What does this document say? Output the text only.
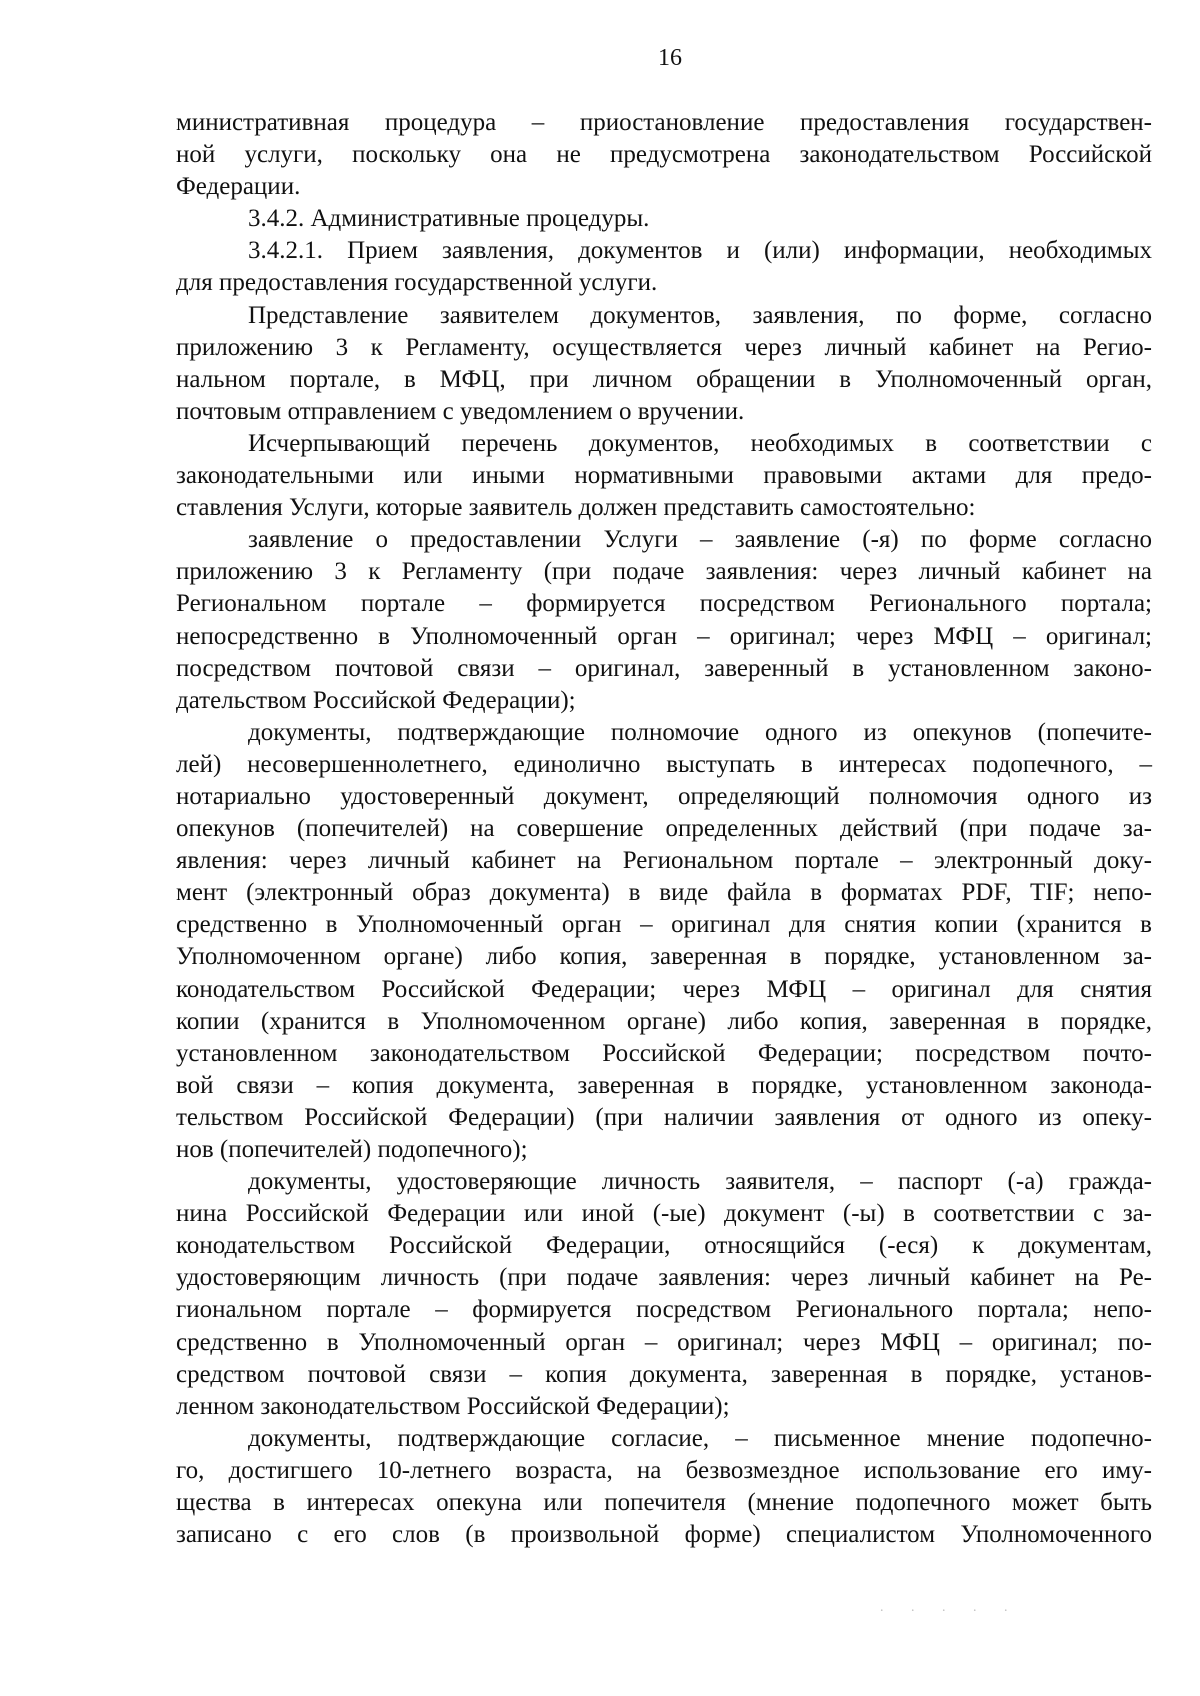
16
министративная процедура – приостановление предоставления государствен-
ной услуги, поскольку она не предусмотрена законодательством Российской
Федерации.
3.4.2. Административные процедуры.
3.4.2.1. Прием заявления, документов и (или) информации, необходимых
для предоставления государственной услуги.
Представление заявителем документов, заявления, по форме, согласно
приложению 3 к Регламенту, осуществляется через личный кабинет на Регио-
нальном портале, в МФЦ, при личном обращении в Уполномоченный орган,
почтовым отправлением с уведомлением о вручении.
Исчерпывающий перечень документов, необходимых в соответствии с
законодательными или иными нормативными правовыми актами для предо-
ставления Услуги, которые заявитель должен представить самостоятельно:
заявление о предоставлении Услуги – заявление (-я) по форме согласно
приложению 3 к Регламенту (при подаче заявления: через личный кабинет на
Региональном портале – формируется посредством Регионального портала;
непосредственно в Уполномоченный орган – оригинал; через МФЦ – оригинал;
посредством почтовой связи – оригинал, заверенный в установленном законо-
дательством Российской Федерации);
документы, подтверждающие полномочие одного из опекунов (попечите-
лей) несовершеннолетнего, единолично выступать в интересах подопечного, –
нотариально удостоверенный документ, определяющий полномочия одного из
опекунов (попечителей) на совершение определенных действий (при подаче за-
явления: через личный кабинет на Региональном портале – электронный доку-
мент (электронный образ документа) в виде файла в форматах PDF, TIF; непо-
средственно в Уполномоченный орган – оригинал для снятия копии (хранится в
Уполномоченном органе) либо копия, заверенная в порядке, установленном за-
конодательством Российской Федерации; через МФЦ – оригинал для снятия
копии (хранится в Уполномоченном органе) либо копия, заверенная в порядке,
установленном законодательством Российской Федерации; посредством почто-
вой связи – копия документа, заверенная в порядке, установленном законода-
тельством Российской Федерации) (при наличии заявления от одного из опеку-
нов (попечителей) подопечного);
документы, удостоверяющие личность заявителя, – паспорт (-а) гражда-
нина Российской Федерации или иной (-ые) документ (-ы) в соответствии с за-
конодательством Российской Федерации, относящийся (-еся) к документам,
удостоверяющим личность (при подаче заявления: через личный кабинет на Ре-
гиональном портале – формируется посредством Регионального портала; непо-
средственно в Уполномоченный орган – оригинал; через МФЦ – оригинал; по-
средством почтовой связи – копия документа, заверенная в порядке, установ-
ленном законодательством Российской Федерации);
документы, подтверждающие согласие, – письменное мнение подопечно-
го, достигшего 10-летнего возраста, на безвозмездное использование его иму-
щества в интересах опекуна или попечителя (мнение подопечного может быть
записано с его слов (в произвольной форме) специалистом Уполномоченного
. . . . .
